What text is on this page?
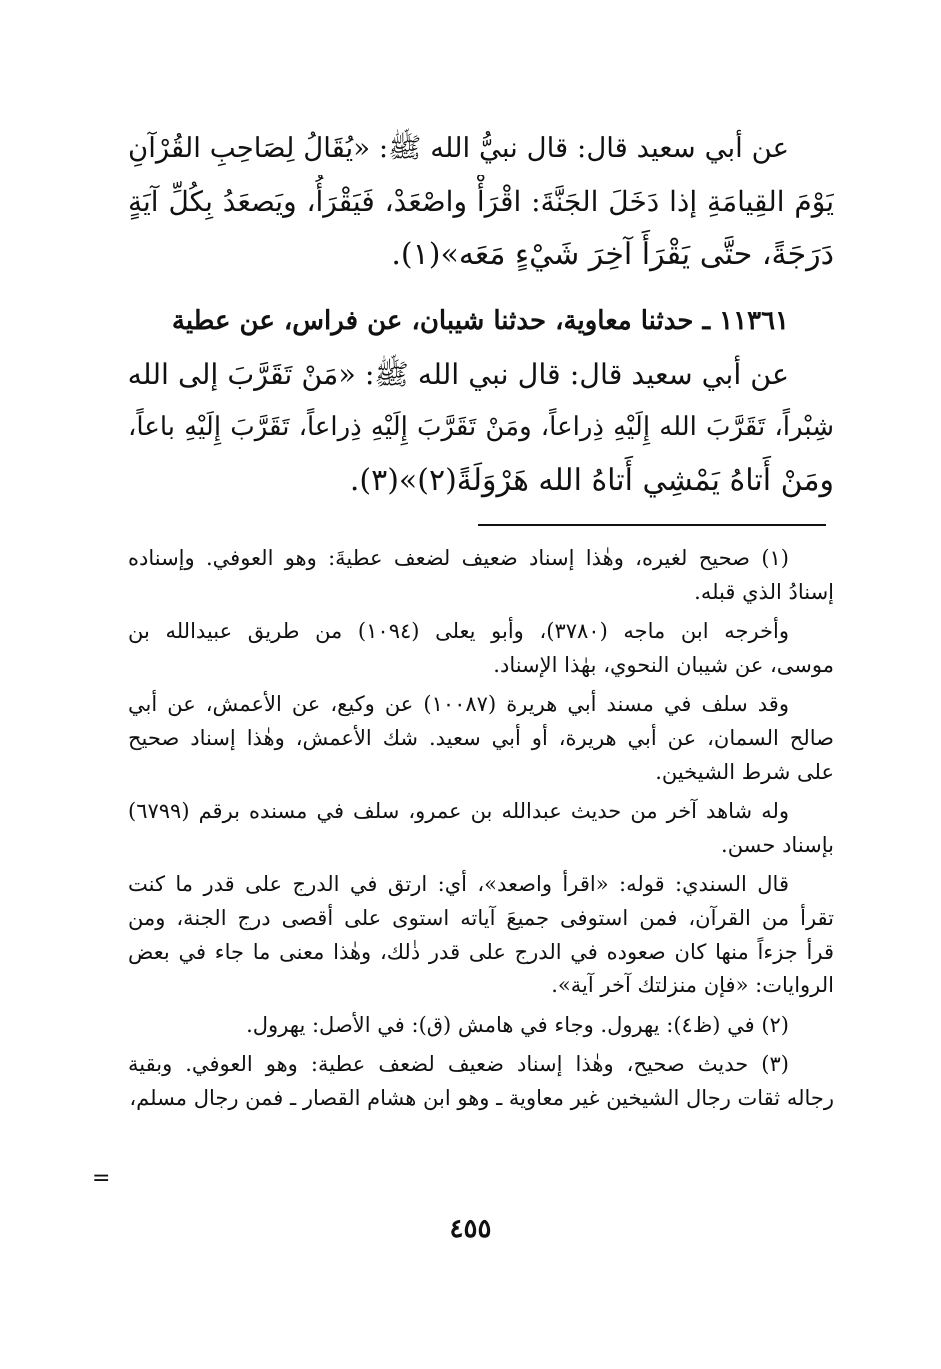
عن أبي سعيد قال: قال نبيُّ الله ﷺ: «يُقَالُ لِصَاحِبِ القُرْآنِ
يَوْمَ القِيامَةِ إذا دَخَلَ الجَنَّةَ: اقْرَأْ واصْعَدْ، فَيَقْرَأُ، ويَصعَدُ بِكُلِّ آيَةٍ
دَرَجَةً، حتَّى يَقْرَأَ آخِرَ شَيْءٍ مَعَه»(١).
١١٣٦١ ـ حدثنا معاوية، حدثنا شيبان، عن فراس، عن عطية
عن أبي سعيد قال: قال نبي الله ﷺ: «مَنْ تَقَرَّبَ إلى الله
شِبْراً، تَقَرَّبَ الله إِلَيْهِ ذِراعاً، ومَنْ تَقَرَّبَ إِلَيْهِ ذِراعاً، تَقَرَّبَ إِلَيْهِ باعاً،
ومَنْ أَتاهُ يَمْشِي أَتاهُ الله هَرْوَلَةً(٢)»(٣).
(١) صحيح لغيره، وهٰذا إسناد ضعيف لضعف عطيةَ: وهو العوفي. وإسناده
إسنادُ الذي قبله.
وأخرجه ابن ماجه (٣٧٨٠)، وأبو يعلى (١٠٩٤) من طريق عبيدالله بن
موسى، عن شيبان النحوي، بهٰذا الإسناد.
وقد سلف في مسند أبي هريرة (١٠٠٨٧) عن وكيع، عن الأعمش، عن أبي
صالح السمان، عن أبي هريرة، أو أبي سعيد. شك الأعمش، وهٰذا إسناد صحيح
على شرط الشيخين.
وله شاهد آخر من حديث عبدالله بن عمرو، سلف في مسنده برقم (٦٧٩٩)
بإسناد حسن.
قال السندي: قوله: «اقرأ واصعد»، أي: ارتق في الدرج على قدر ما كنت
تقرأ من القرآن، فمن استوفى جميعَ آياته استوى على أقصى درج الجنة، ومن
قرأ جزءاً منها كان صعوده في الدرج على قدر ذٰلك، وهٰذا معنى ما جاء في بعض
الروايات: «فإن منزلتك آخر آية».
(٢) في (ظ٤): يهرول. وجاء في هامش (ق): في الأصل: يهرول.
(٣) حديث صحيح، وهٰذا إسناد ضعيف لضعف عطية: وهو العوفي. وبقية
رجاله ثقات رجال الشيخين غير معاوية ـ وهو ابن هشام القصار ـ فمن رجال مسلم،
=
٤٥٥
